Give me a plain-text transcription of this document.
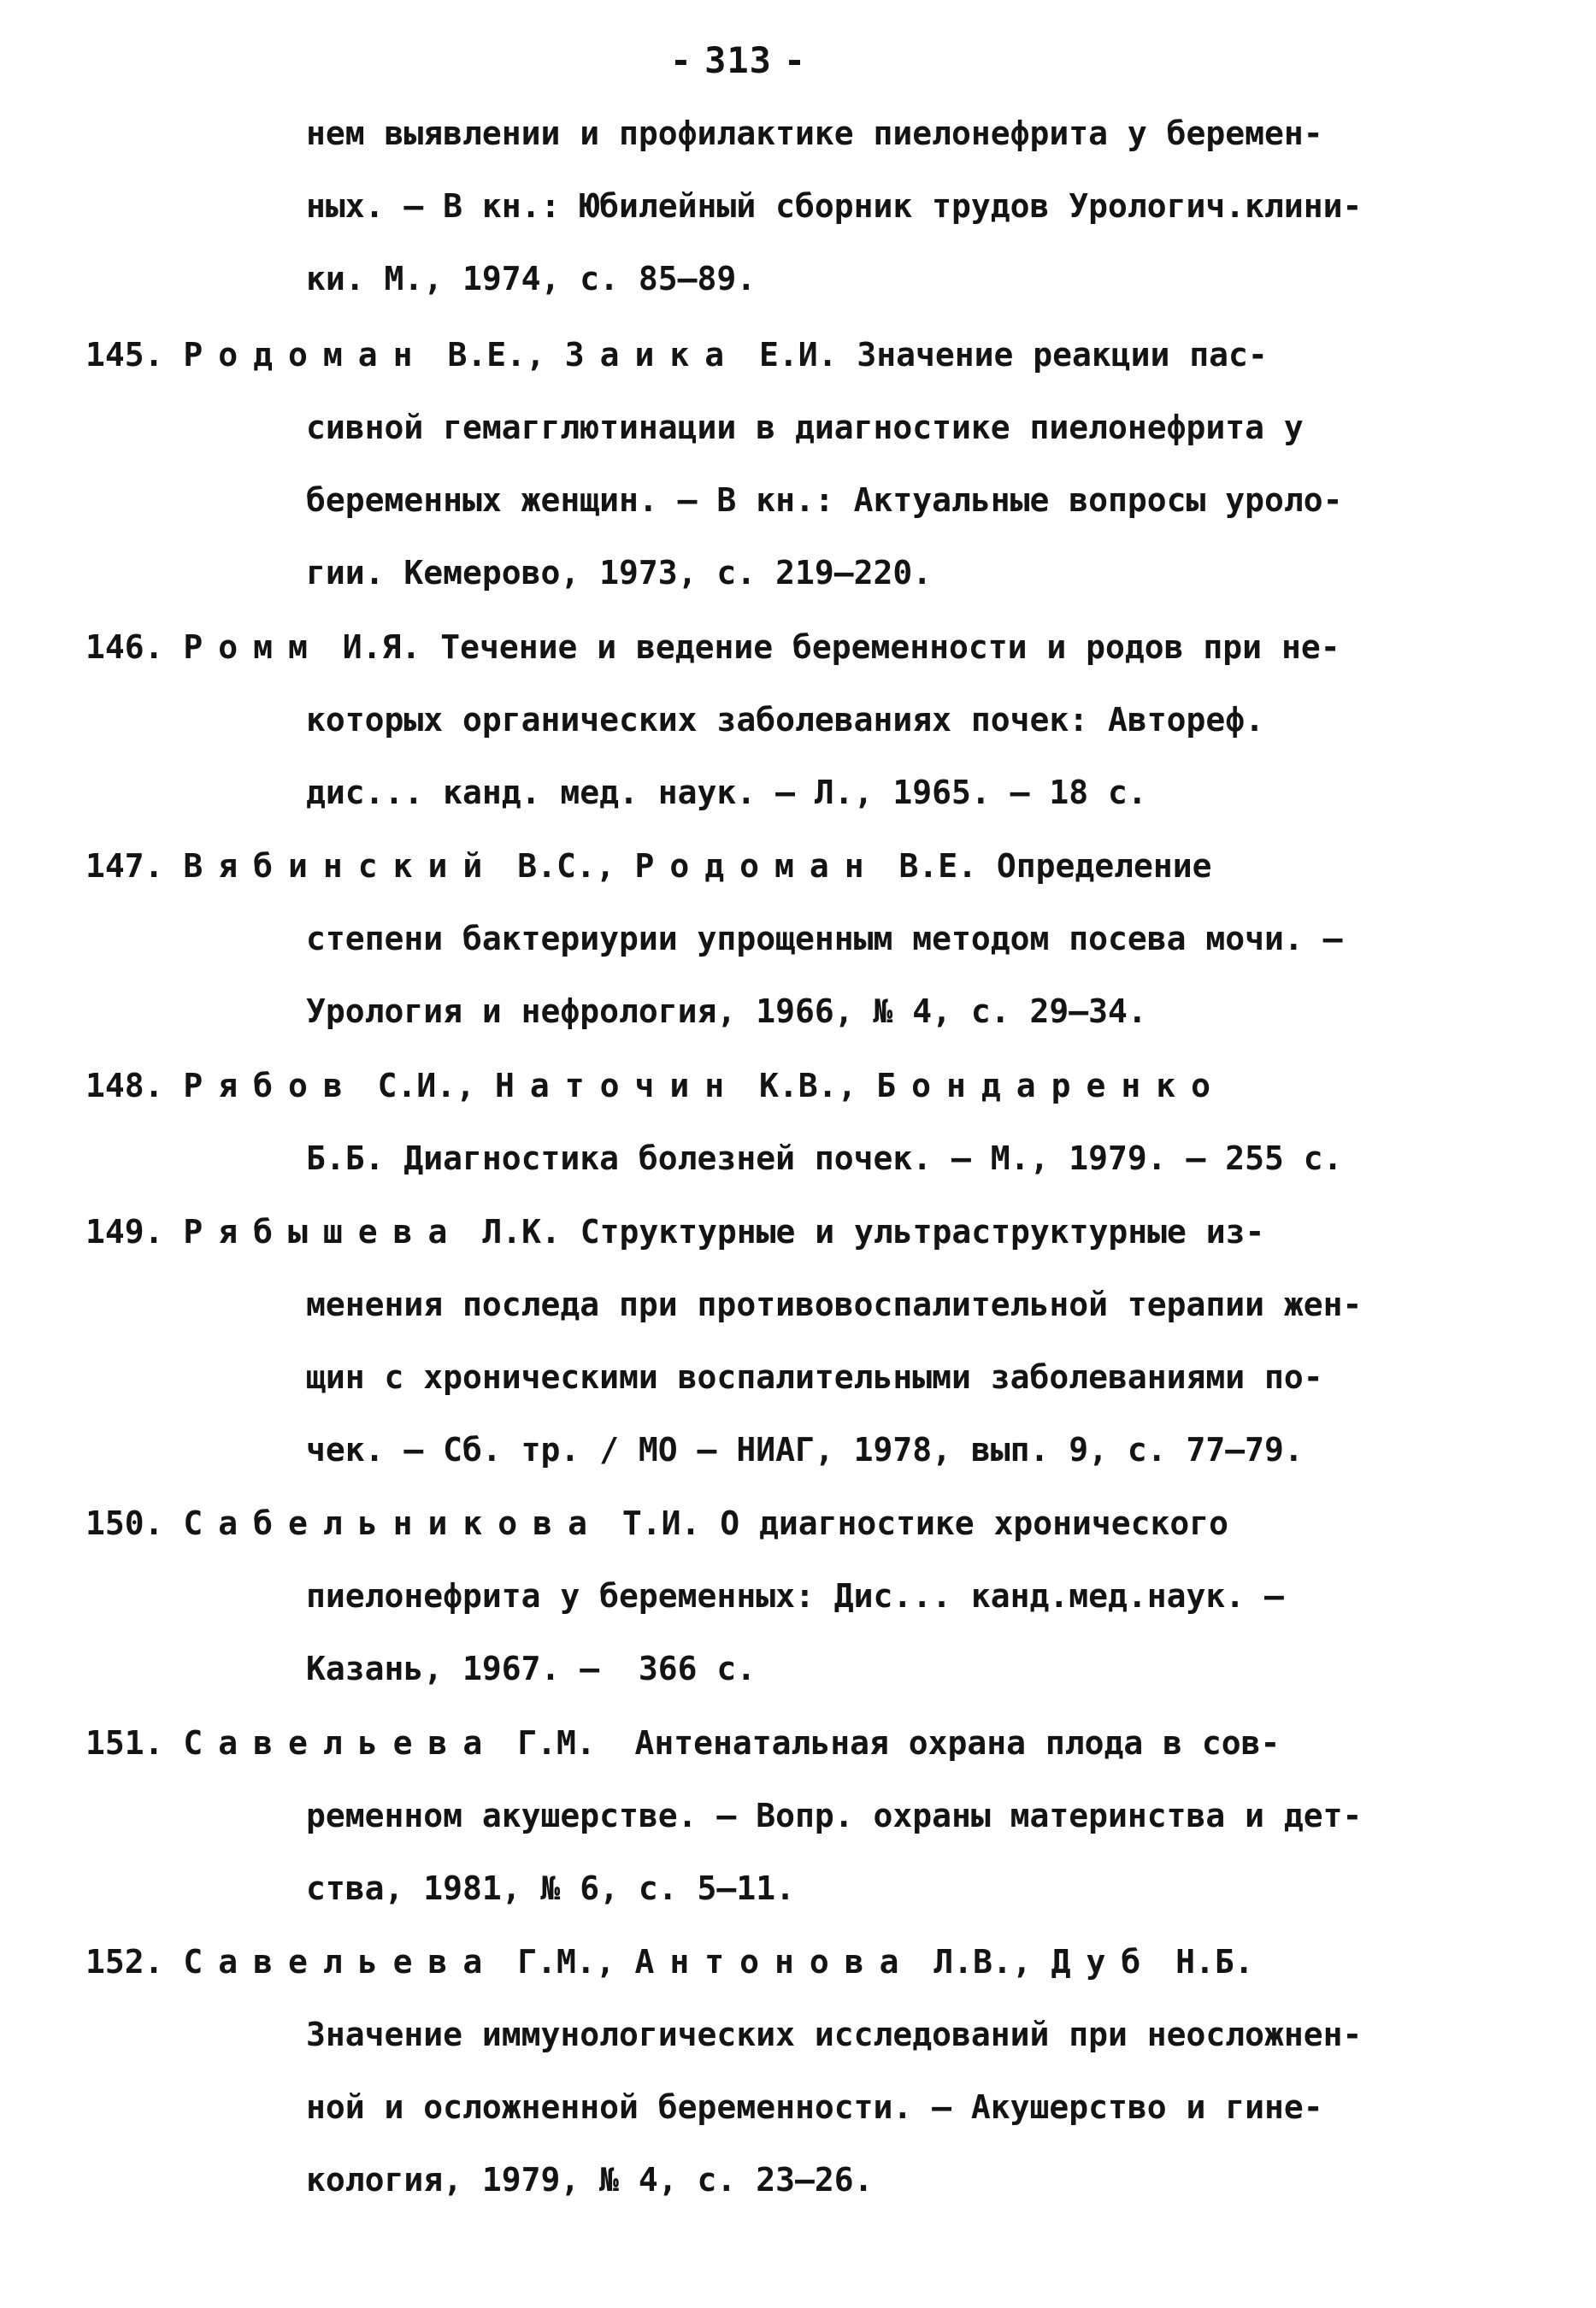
- 313 -
нем выявлении и профилактике пиелонефрита у беремен-
ных. – В кн.: Юбилейный сборник трудов Урологич.клини-
ки. М., 1974, с. 85–89.
145. Родоман В.Е., Заика Е.И. Значение реакции пас-
сивной гемагглютинации в диагностике пиелонефрита у
беременных женщин. – В кн.: Актуальные вопросы уроло-
гии. Кемерово, 1973, с. 219–220.
146. Ромм И.Я. Течение и ведение беременности и родов при не-
которых органических заболеваниях почек: Автореф.
дис... канд. мед. наук. – Л., 1965. – 18 с.
147. Вябинский В.С., Родоман В.Е. Определение
степени бактериурии упрощенным методом посева мочи. –
Урология и нефрология, 1966, № 4, с. 29–34.
148. Рябов С.И., Наточин К.В., Бондаренко
Б.Б. Диагностика болезней почек. – М., 1979. – 255 с.
149. Рябышева Л.К. Структурные и ультраструктурные из-
менения последа при противовоспалительной терапии жен-
щин с хроническими воспалительными заболеваниями по-
чек. – Сб. тр. / МО – НИАГ, 1978, вып. 9, с. 77–79.
150. Сабельникова Т.И. О диагностике хронического
пиелонефрита у беременных: Дис... канд.мед.наук. –
Казань, 1967. –  366 с.
151. Савельева Г.М.  Антенатальная охрана плода в сов-
ременном акушерстве. – Вопр. охраны материнства и дет-
ства, 1981, № 6, с. 5–11.
152. Савельева Г.М., Антонова Л.В., Дуб Н.Б.
Значение иммунологических исследований при неосложнен-
ной и осложненной беременности. – Акушерство и гине-
кология, 1979, № 4, с. 23–26.
